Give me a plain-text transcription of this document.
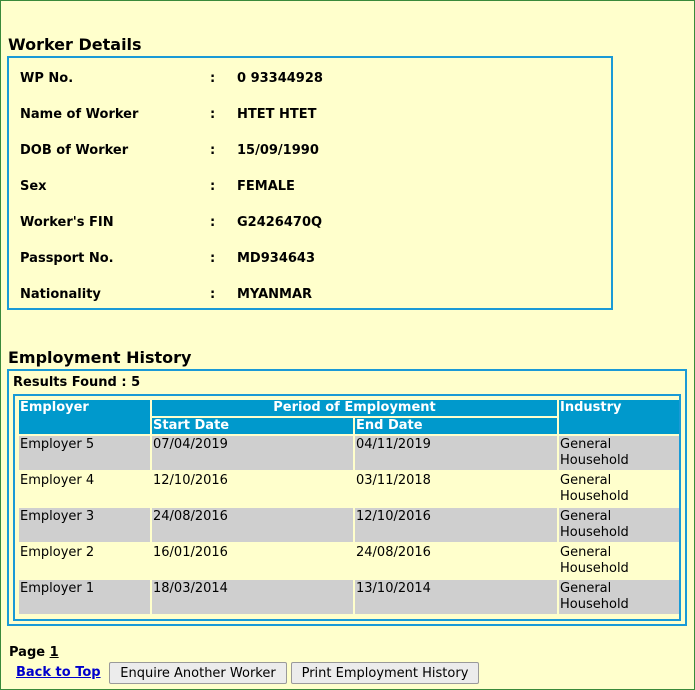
Worker Details
WP No.	:	0 93344928
Name of Worker	:	HTET HTET
DOB of Worker	:	15/09/1990
Sex	:	FEMALE
Worker's FIN	:	G2426470Q
Passport No.	:	MD934643
Nationality	:	MYANMAR
Employment History
Results Found : 5
Employer	Period of Employment		Industry
	Start Date	End Date	
Employer 5	07/04/2019	04/11/2019	General Household
Employer 4	12/10/2016	03/11/2018	General Household
Employer 3	24/08/2016	12/10/2016	General Household
Employer 2	16/01/2016	24/08/2016	General Household
Employer 1	18/03/2014	13/10/2014	General Household
Page 1
Back to Top	Enquire Another Worker	Print Employment History
